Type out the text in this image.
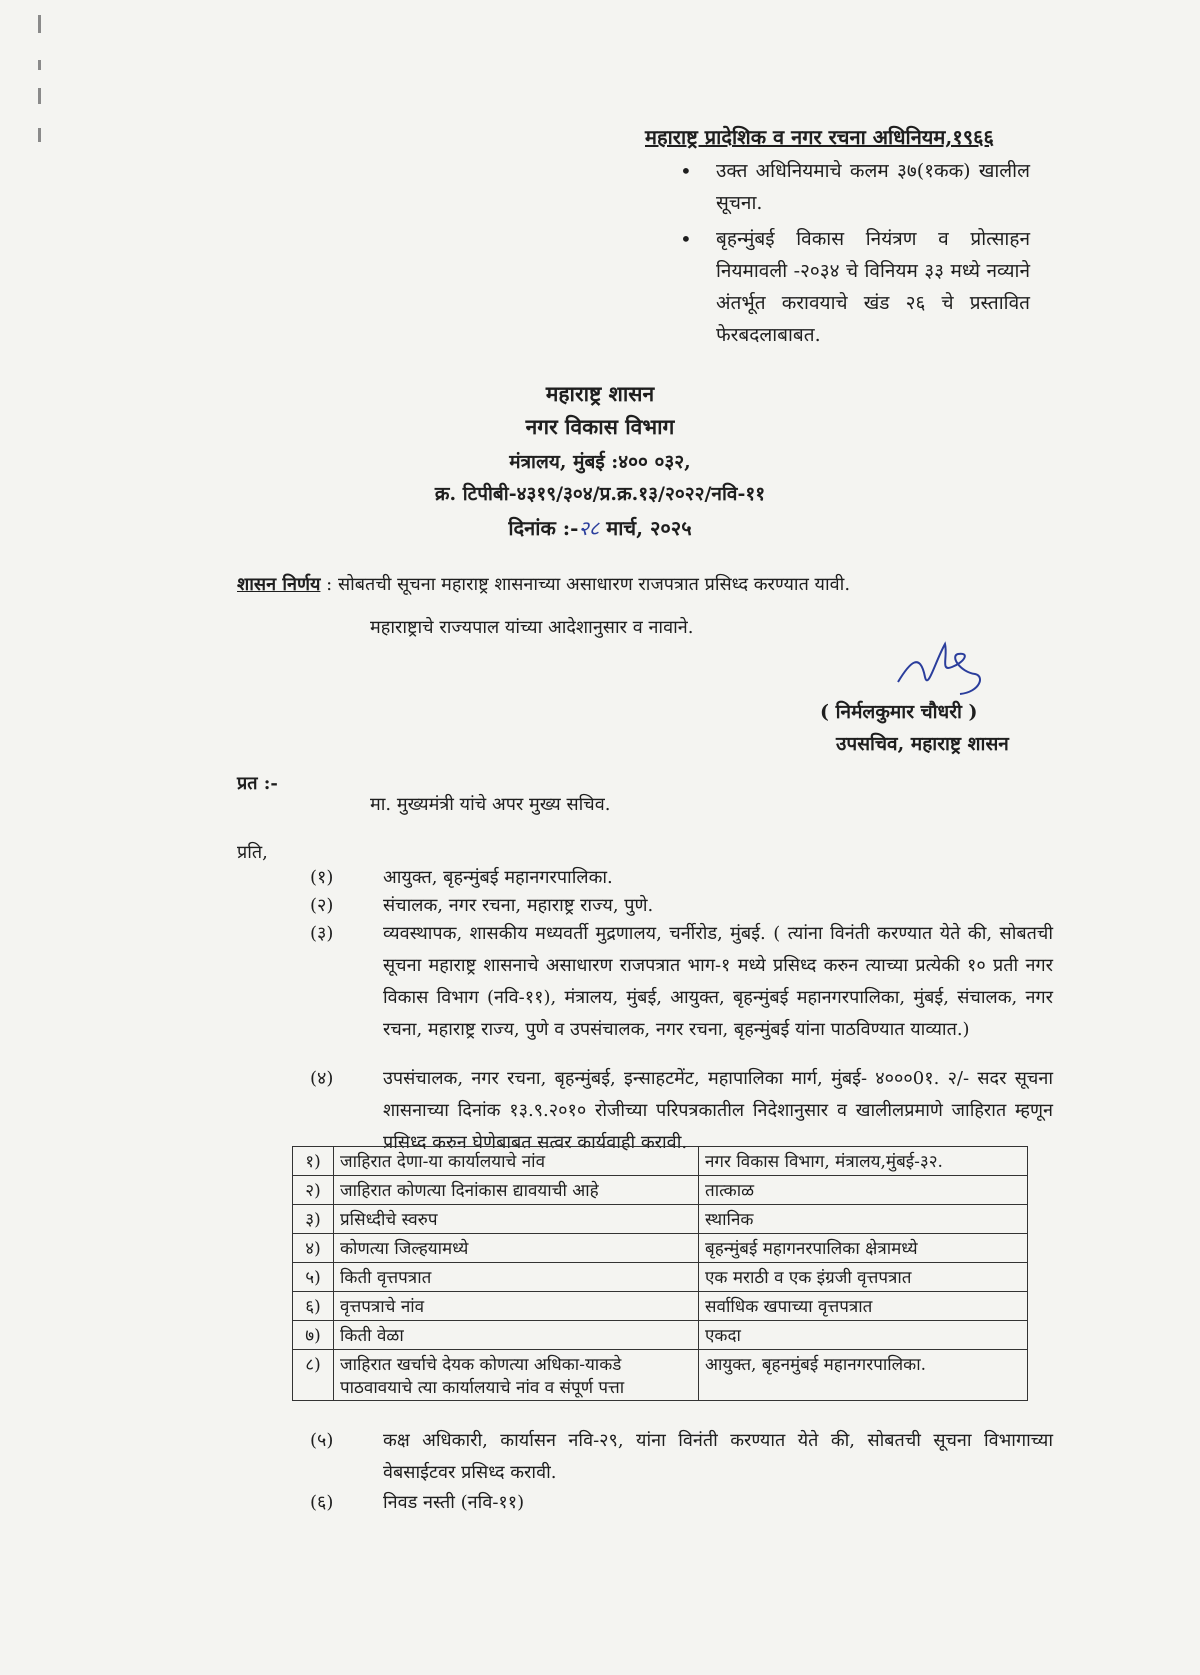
महाराष्ट्र प्रादेशिक व नगर रचना अधिनियम,१९६६
• उक्त अधिनियमाचे कलम ३७(१कक) खालील सूचना.
• बृहन्मुंबई विकास नियंत्रण व प्रोत्साहन नियमावली -२०३४ चे विनियम ३३ मध्ये नव्याने अंतर्भूत करावयाचे खंड २६ चे प्रस्तावित फेरबदलाबाबत.
महाराष्ट्र शासन
नगर विकास विभाग
मंत्रालय, मुंबई :४०० ०३२,
क्र. टिपीबी-४३१९/३०४/प्र.क्र.१३/२०२२/नवि-११
दिनांक :-२८ मार्च, २०२५
शासन निर्णय : सोबतची सूचना महाराष्ट्र शासनाच्या असाधारण राजपत्रात प्रसिध्द करण्यात यावी.
महाराष्ट्राचे राज्यपाल यांच्या आदेशानुसार व नावाने.
( निर्मलकुमार चौधरी )
उपसचिव, महाराष्ट्र शासन
प्रत :-
मा. मुख्यमंत्री यांचे अपर मुख्य सचिव.
प्रति,
(१)	आयुक्त, बृहन्मुंबई महानगरपालिका.
(२)	संचालक, नगर रचना, महाराष्ट्र राज्य, पुणे.
(३)	व्यवस्थापक, शासकीय मध्यवर्ती मुद्रणालय, चर्नीरोड, मुंबई. ( त्यांना विनंती करण्यात येते की, सोबतची सूचना महाराष्ट्र शासनाचे असाधारण राजपत्रात भाग-१ मध्ये प्रसिध्द करुन त्याच्या प्रत्येकी १० प्रती नगर विकास विभाग (नवि-११), मंत्रालय, मुंबई, आयुक्त, बृहन्मुंबई महानगरपालिका, मुंबई, संचालक, नगर रचना, महाराष्ट्र राज्य, पुणे व उपसंचालक, नगर रचना, बृहन्मुंबई यांना पाठविण्यात याव्यात.)
(४)	उपसंचालक, नगर रचना, बृहन्मुंबई, इन्साहटमेंट, महापालिका मार्ग, मुंबई- ४०००0१. २/- सदर सूचना शासनाच्या दिनांक १३.९.२०१० रोजीच्या परिपत्रकातील निदेशानुसार व खालीलप्रमाणे जाहिरात म्हणून प्रसिध्द करुन घेणेबाबत सत्वर कार्यवाही करावी.
१)	जाहिरात देणा-या कार्यालयाचे नांव	नगर विकास विभाग, मंत्रालय,मुंबई-३२.
२)	जाहिरात कोणत्या दिनांकास द्यावयाची आहे	तात्काळ
३)	प्रसिध्दीचे स्वरुप	स्थानिक
४)	कोणत्या जिल्हयामध्ये	बृहन्मुंबई महागनरपालिका क्षेत्रामध्ये
५)	किती वृत्तपत्रात	एक मराठी व एक इंग्रजी वृत्तपत्रात
६)	वृत्तपत्राचे नांव	सर्वाधिक खपाच्या वृत्तपत्रात
७)	किती वेळा	एकदा
८)	जाहिरात खर्चाचे देयक कोणत्या अधिका-याकडे पाठवावयाचे त्या कार्यालयाचे नांव व संपूर्ण पत्ता	आयुक्त, बृहनमुंबई महानगरपालिका.
(५)	कक्ष अधिकारी, कार्यासन नवि-२९, यांना विनंती करण्यात येते की, सोबतची सूचना विभागाच्या वेबसाईटवर प्रसिध्द करावी.
(६)	निवड नस्ती (नवि-११)
